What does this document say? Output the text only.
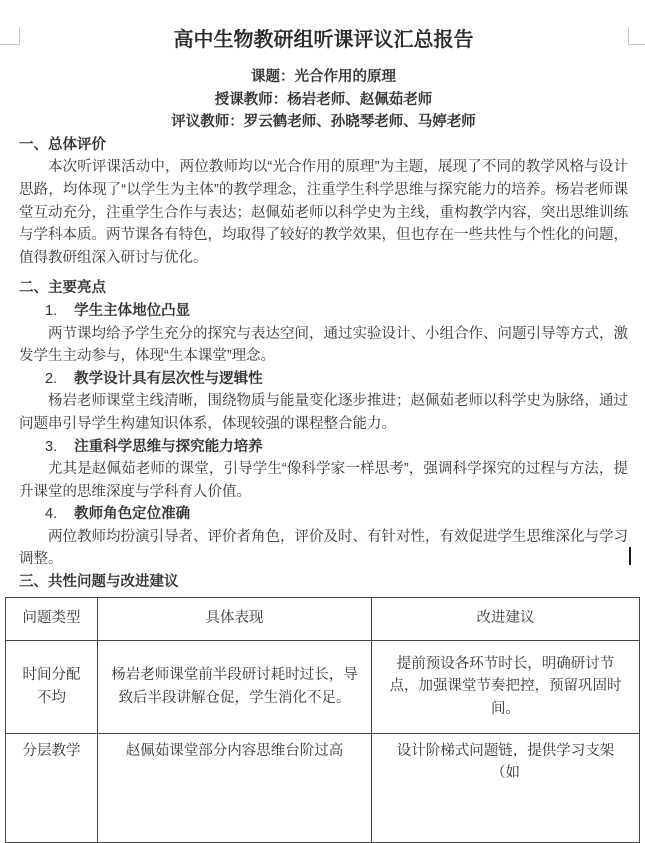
高中生物教研组听课评议汇总报告
课题：光合作用的原理
授课教师：杨岩老师、赵佩茹老师
评议教师：罗云鹤老师、孙晓琴老师、马婷老师
一、总体评价

本次听评课活动中，两位教师均以“光合作用的原理”为主题，展现了不同的教学风格与设计思路，均体现了“以学生为主体”的教学理念，注重学生科学思维与探究能力的培养。杨岩老师课堂互动充分，注重学生合作与表达；赵佩茹老师以科学史为主线，重构教学内容，突出思维训练与学科本质。两节课各有特色，均取得了较好的教学效果，但也存在一些共性与个性化的问题，值得教研组深入研讨与优化。

二、主要亮点

1. 学生主体地位凸显

两节课均给予学生充分的探究与表达空间，通过实验设计、小组合作、问题引导等方式，激发学生主动参与，体现“生本课堂”理念。

2. 教学设计具有层次性与逻辑性

杨岩老师课堂主线清晰，围绕物质与能量变化逐步推进；赵佩茹老师以科学史为脉络，通过问题串引导学生构建知识体系，体现较强的课程整合能力。

3. 注重科学思维与探究能力培养

尤其是赵佩茹老师的课堂，引导学生“像科学家一样思考”，强调科学探究的过程与方法，提升课堂的思维深度与学科育人价值。

4. 教师角色定位准确

两位教师均扮演引导者、评价者角色，评价及时、有针对性，有效促进学生思维深化与学习调整。

三、共性问题与改进建议
问题类型	具体表现	改进建议
时间分配不均	杨岩老师课堂前半段研讨耗时过长，导致后半段讲解仓促，学生消化不足。	提前预设各环节时长，明确研讨节点，加强课堂节奏把控，预留巩固时间。
分层教学	赵佩茹课堂部分内容思维台阶过高	设计阶梯式问题链，提供学习支架（如
